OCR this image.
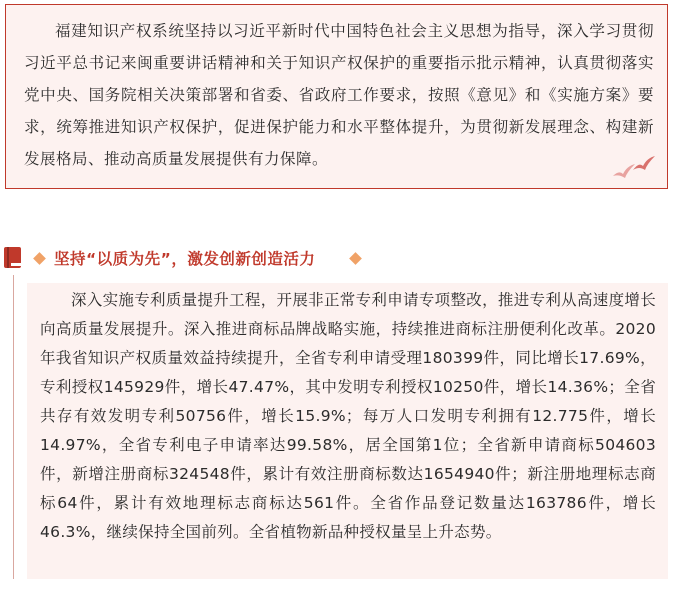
福建知识产权系统坚持以习近平新时代中国特色社会主义思想为指导，深入学习贯彻习近平总书记来闽重要讲话精神和关于知识产权保护的重要指示批示精神，认真贯彻落实党中央、国务院相关决策部署和省委、省政府工作要求，按照《意见》和《实施方案》要求，统筹推进知识产权保护，促进保护能力和水平整体提升，为贯彻新发展理念、构建新发展格局、推动高质量发展提供有力保障。

坚持“以质为先”，激发创新创造活力

深入实施专利质量提升工程，开展非正常专利申请专项整改，推进专利从高速度增长向高质量发展提升。深入推进商标品牌战略实施，持续推进商标注册便利化改革。2020年我省知识产权质量效益持续提升，全省专利申请受理180399件，同比增长17.69%，专利授权145929件，增长47.47%，其中发明专利授权10250件，增长14.36%；全省共存有效发明专利50756件，增长15.9%；每万人口发明专利拥有12.775件，增长14.97%，全省专利电子申请率达99.58%，居全国第1位；全省新申请商标504603件，新增注册商标324548件，累计有效注册商标数达1654940件；新注册地理标志商标64件，累计有效地理标志商标达561件。全省作品登记数量达163786件，增长46.3%，继续保持全国前列。全省植物新品种授权量呈上升态势。
